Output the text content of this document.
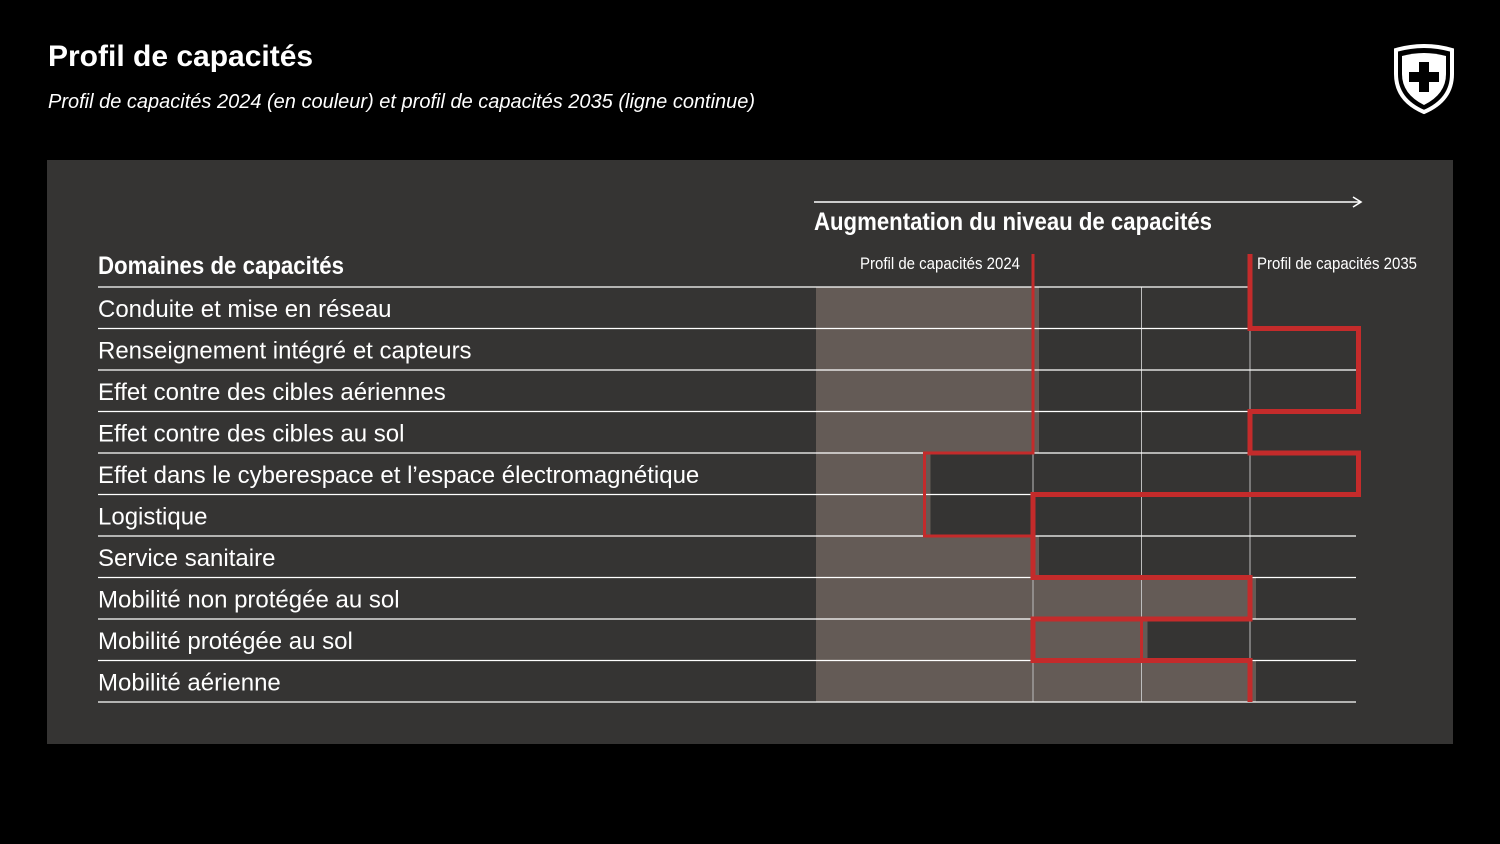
Profil de capacités

Profil de capacités 2024 (en couleur) et profil de capacités 2035 (ligne continue)

Conduite et mise en réseau
Renseignement intégré et capteurs
Effet contre des cibles aériennes
Effet contre des cibles au sol
Effet dans le cyberespace et l’espace électromagnétique
Logistique
Service sanitaire
Mobilité non protégée au sol
Mobilité protégée au sol
Mobilité aérienne
Augmentation du niveau de capacités
Domaines de capacités	Profil de capacités 2024	Profil de capacités 2035
